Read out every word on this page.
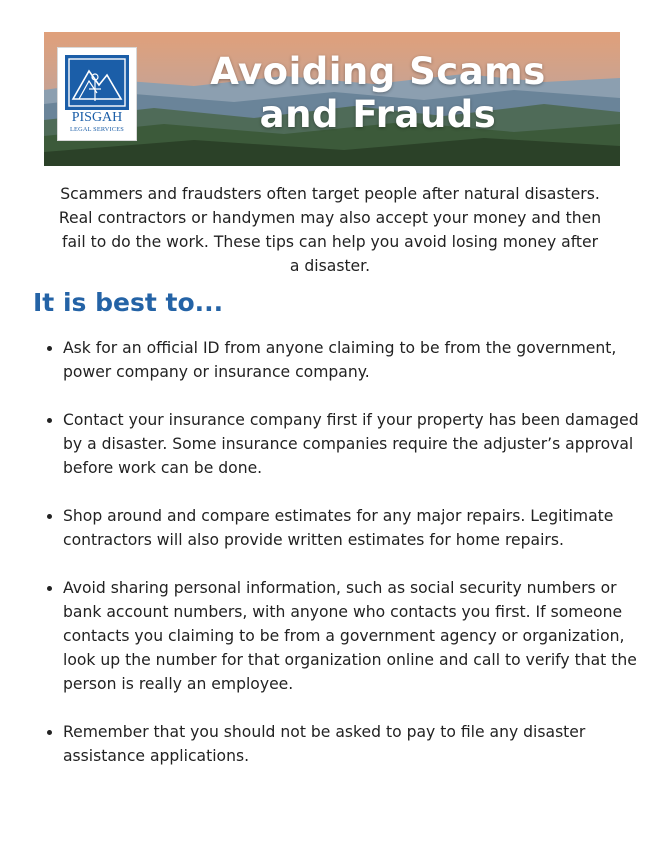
PISGAH
LEGAL SERVICES
Avoiding Scams
and Frauds

Scammers and fraudsters often target people after natural disasters. Real contractors or handymen may also accept your money and then fail to do the work. These tips can help you avoid losing money after a disaster.

It is best to...
Ask for an official ID from anyone claiming to be from the government, power company or insurance company.
Contact your insurance company first if your property has been damaged by a disaster. Some insurance companies require the adjuster’s approval before work can be done.
Shop around and compare estimates for any major repairs. Legitimate contractors will also provide written estimates for home repairs.
Avoid sharing personal information, such as social security numbers or bank account numbers, with anyone who contacts you first. If someone contacts you claiming to be from a government agency or organization, look up the number for that organization online and call to verify that the person is really an employee.
Remember that you should not be asked to pay to file any disaster assistance applications.
